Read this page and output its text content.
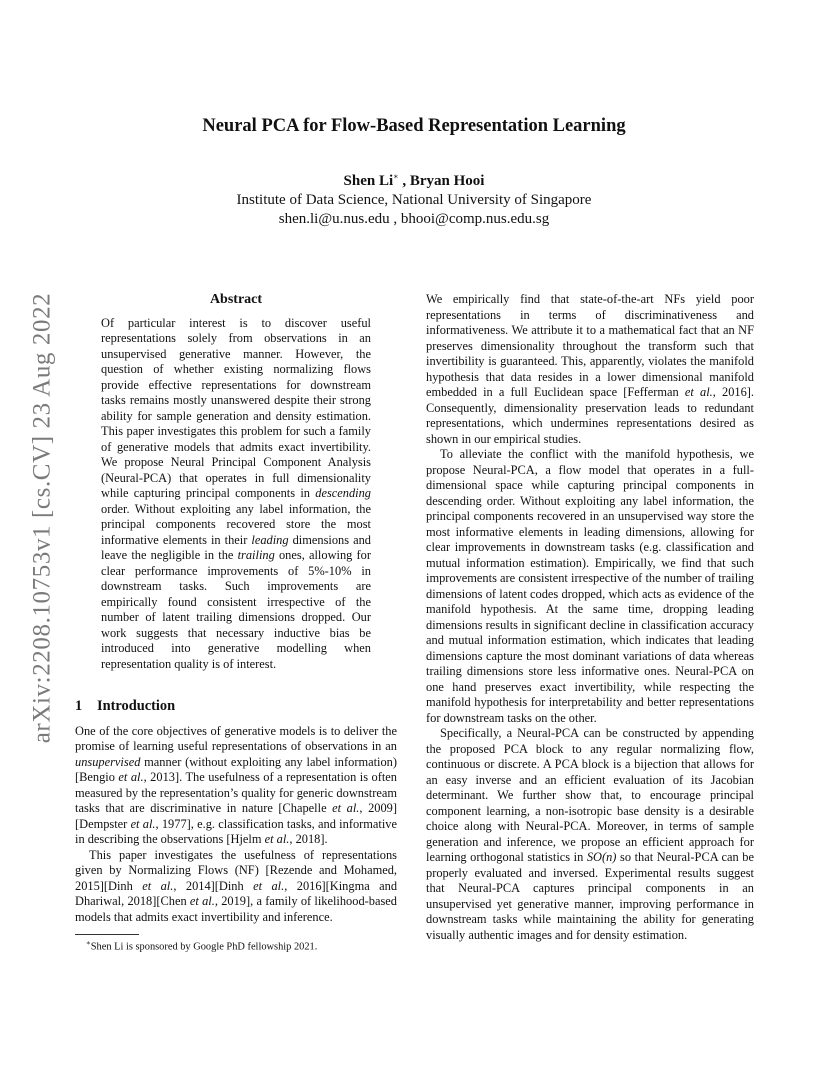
arXiv:2208.10753v1 [cs.CV] 23 Aug 2022
Neural PCA for Flow-Based Representation Learning
Shen Li∗ , Bryan Hooi
Institute of Data Science, National University of Singapore
shen.li@u.nus.edu , bhooi@comp.nus.edu.sg
Abstract

Of particular interest is to discover useful representations solely from observations in an unsupervised generative manner. However, the question of whether existing normalizing flows provide effective representations for downstream tasks remains mostly unanswered despite their strong ability for sample generation and density estimation. This paper investigates this problem for such a family of generative models that admits exact invertibility. We propose Neural Principal Component Analysis (Neural-PCA) that operates in full dimensionality while capturing principal components in descending order. Without exploiting any label information, the principal components recovered store the most informative elements in their leading dimensions and leave the negligible in the trailing ones, allowing for clear performance improvements of 5%-10% in downstream tasks. Such improvements are empirically found consistent irrespective of the number of latent trailing dimensions dropped. Our work suggests that necessary inductive bias be introduced into generative modelling when representation quality is of interest.

1 Introduction

One of the core objectives of generative models is to deliver the promise of learning useful representations of observations in an unsupervised manner (without exploiting any label information) [Bengio et al., 2013]. The usefulness of a representation is often measured by the representation’s quality for generic downstream tasks that are discriminative in nature [Chapelle et al., 2009][Dempster et al., 1977], e.g. classification tasks, and informative in describing the observations [Hjelm et al., 2018].

This paper investigates the usefulness of representations given by Normalizing Flows (NF) [Rezende and Mohamed, 2015][Dinh et al., 2014][Dinh et al., 2016][Kingma and Dhariwal, 2018][Chen et al., 2019], a family of likelihood-based models that admits exact invertibility and inference.

We empirically find that state-of-the-art NFs yield poor representations in terms of discriminativeness and informativeness. We attribute it to a mathematical fact that an NF preserves dimensionality throughout the transform such that invertibility is guaranteed. This, apparently, violates the manifold hypothesis that data resides in a lower dimensional manifold embedded in a full Euclidean space [Fefferman et al., 2016]. Consequently, dimensionality preservation leads to redundant representations, which undermines representations desired as shown in our empirical studies.

To alleviate the conflict with the manifold hypothesis, we propose Neural-PCA, a flow model that operates in a full-dimensional space while capturing principal components in descending order. Without exploiting any label information, the principal components recovered in an unsupervised way store the most informative elements in leading dimensions, allowing for clear improvements in downstream tasks (e.g. classification and mutual information estimation). Empirically, we find that such improvements are consistent irrespective of the number of trailing dimensions of latent codes dropped, which acts as evidence of the manifold hypothesis. At the same time, dropping leading dimensions results in significant decline in classification accuracy and mutual information estimation, which indicates that leading dimensions capture the most dominant variations of data whereas trailing dimensions store less informative ones. Neural-PCA on one hand preserves exact invertibility, while respecting the manifold hypothesis for interpretability and better representations for downstream tasks on the other.

Specifically, a Neural-PCA can be constructed by appending the proposed PCA block to any regular normalizing flow, continuous or discrete. A PCA block is a bijection that allows for an easy inverse and an efficient evaluation of its Jacobian determinant. We further show that, to encourage principal component learning, a non-isotropic base density is a desirable choice along with Neural-PCA. Moreover, in terms of sample generation and inference, we propose an efficient approach for learning orthogonal statistics in SO(n) so that Neural-PCA can be properly evaluated and inversed. Experimental results suggest that Neural-PCA captures principal components in an unsupervised yet generative manner, improving performance in downstream tasks while maintaining the ability for generating visually authentic images and for density estimation.

∗Shen Li is sponsored by Google PhD fellowship 2021.
